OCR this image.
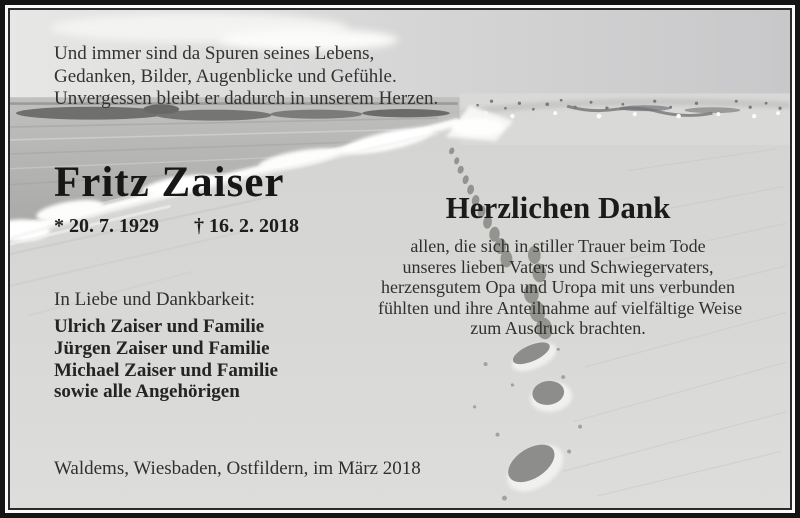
Und immer sind da Spuren seines Lebens,
Gedanken, Bilder, Augenblicke und Gefühle.
Unvergessen bleibt er dadurch in unserem Herzen.
Fritz Zaiser
* 20. 7. 1929 † 16. 2. 2018
In Liebe und Dankbarkeit:
Ulrich Zaiser und Familie
Jürgen Zaiser und Familie
Michael Zaiser und Familie
sowie alle Angehörigen
Herzlichen Dank
allen, die sich in stiller Trauer beim Tode
unseres lieben Vaters und Schwiegervaters,
herzensgutem Opa und Uropa mit uns verbunden
fühlten und ihre Anteilnahme auf vielfältige Weise
zum Ausdruck brachten.
Waldems, Wiesbaden, Ostfildern, im März 2018
